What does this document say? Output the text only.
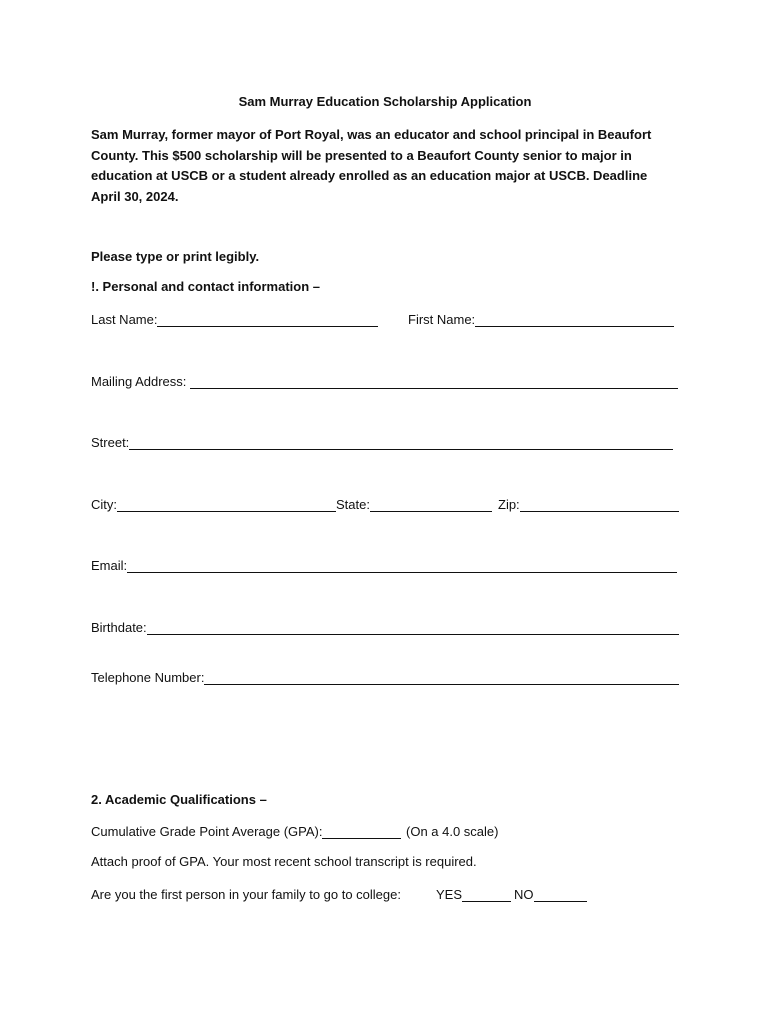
Sam Murray Education Scholarship Application
Sam Murray, former mayor of Port Royal, was an educator and school principal in Beaufort County. This $500 scholarship will be presented to a Beaufort County senior to major in education at USCB or a student already enrolled as an education major at USCB. Deadline April 30, 2024.
Please type or print legibly.
!. Personal and contact information –
Last Name:	First Name:
Mailing Address:
Street:
City:	State:	Zip:
Email:
Birthdate:
Telephone Number:
2. Academic Qualifications –
Cumulative Grade Point Average (GPA):	(On a 4.0 scale)
Attach proof of GPA. Your most recent school transcript is required.
Are you the first person in your family to go to college:	YES	NO
